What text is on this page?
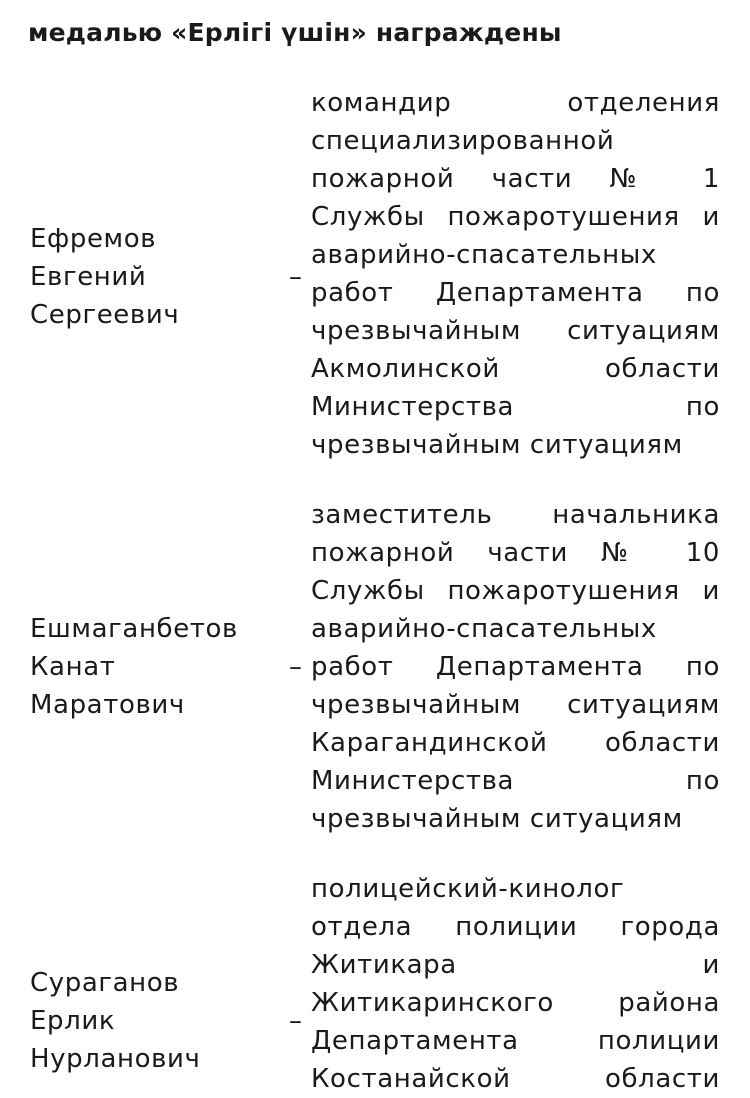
медалью «Ерлігі үшін» награждены
Ефремов
Евгений
Сергеевич
–
командир отделения
специализированной
пожарной части № 1
Службы пожаротушения и
аварийно-спасательных
работ Департамента по
чрезвычайным ситуациям
Акмолинской области
Министерства по
чрезвычайным ситуациям
Ешмаганбетов
Канат
Маратович
–
заместитель начальника
пожарной части № 10
Службы пожаротушения и
аварийно-спасательных
работ Департамента по
чрезвычайным ситуациям
Карагандинской области
Министерства по
чрезвычайным ситуациям
Сураганов
Ерлик
Нурланович
–
полицейский-кинолог
отдела полиции города
Житикара и
Житикаринского района
Департамента полиции
Костанайской области
